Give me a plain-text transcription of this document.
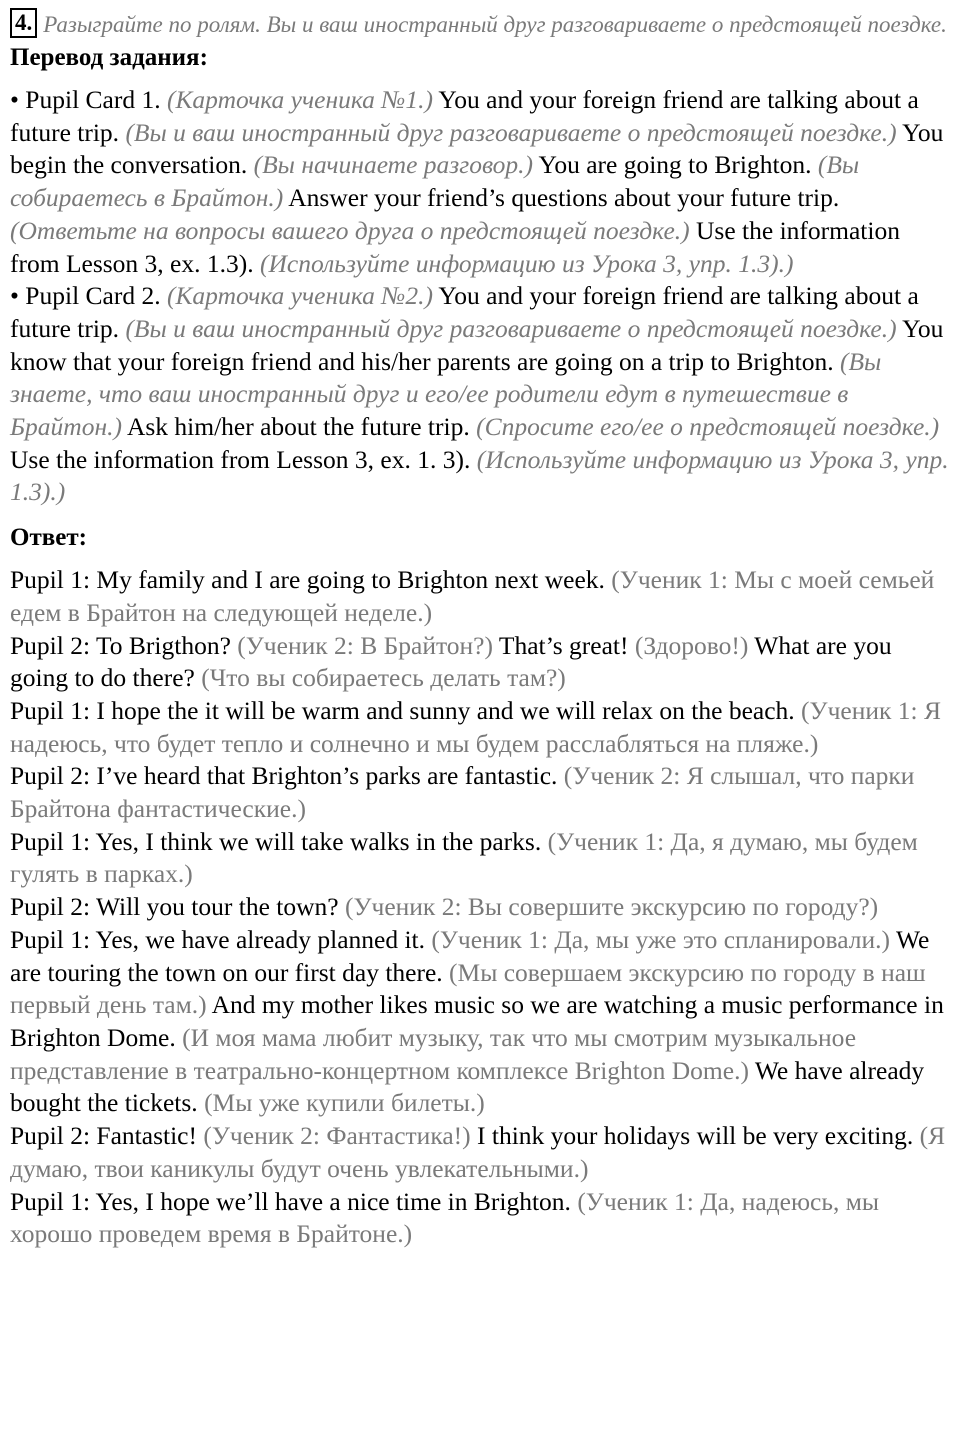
4. Разыграйте по ролям. Вы и ваш иностранный друг разговариваете о предстоящей поездке.

Перевод задания:

• Pupil Card 1. (Карточка ученика №1.) You and your foreign friend are talking about a future trip. (Вы и ваш иностранный друг разговариваете о предстоящей поездке.) You begin the conversation. (Вы начинаете разговор.) You are going to Brighton. (Вы собираетесь в Брайтон.) Answer your friend’s questions about your future trip. (Ответьте на вопросы вашего друга о предстоящей поездке.) Use the information from Lesson 3, ex. 1.3). (Используйте информацию из Урока 3, упр. 1.3).)

• Pupil Card 2. (Карточка ученика №2.) You and your foreign friend are talking about a future trip. (Вы и ваш иностранный друг разговариваете о предстоящей поездке.) You know that your foreign friend and his/her parents are going on a trip to Brighton. (Вы знаете, что ваш иностранный друг и его/ее родители едут в путешествие в Брайтон.) Ask him/her about the future trip. (Спросите его/ее о предстоящей поездке.) Use the information from Lesson 3, ex. 1. 3). (Используйте информацию из Урока 3, упр. 1.3).)

Ответ:

Pupil 1: My family and I are going to Brighton next week. (Ученик 1: Мы с моей семьей едем в Брайтон на следующей неделе.)

Pupil 2: To Brigthon? (Ученик 2: В Брайтон?) That’s great! (Здорово!) What are you going to do there? (Что вы собираетесь делать там?)

Pupil 1: I hope the it will be warm and sunny and we will relax on the beach. (Ученик 1: Я надеюсь, что будет тепло и солнечно и мы будем расслабляться на пляже.)

Pupil 2: I’ve heard that Brighton’s parks are fantastic. (Ученик 2: Я слышал, что парки Брайтона фантастические.)

Pupil 1: Yes, I think we will take walks in the parks. (Ученик 1: Да, я думаю, мы будем гулять в парках.)

Pupil 2: Will you tour the town? (Ученик 2: Вы совершите экскурсию по городу?)

Pupil 1: Yes, we have already planned it. (Ученик 1: Да, мы уже это спланировали.) We are touring the town on our first day there. (Мы совершаем экскурсию по городу в наш первый день там.) And my mother likes music so we are watching a music performance in Brighton Dome. (И моя мама любит музыку, так что мы смотрим музыкальное представление в театрально-концертном комплексе Brighton Dome.) We have already bought the tickets. (Мы уже купили билеты.)

Pupil 2: Fantastic! (Ученик 2: Фантастика!) I think your holidays will be very exciting. (Я думаю, твои каникулы будут очень увлекательными.)

Pupil 1: Yes, I hope we’ll have a nice time in Brighton. (Ученик 1: Да, надеюсь, мы хорошо проведем время в Брайтоне.)
